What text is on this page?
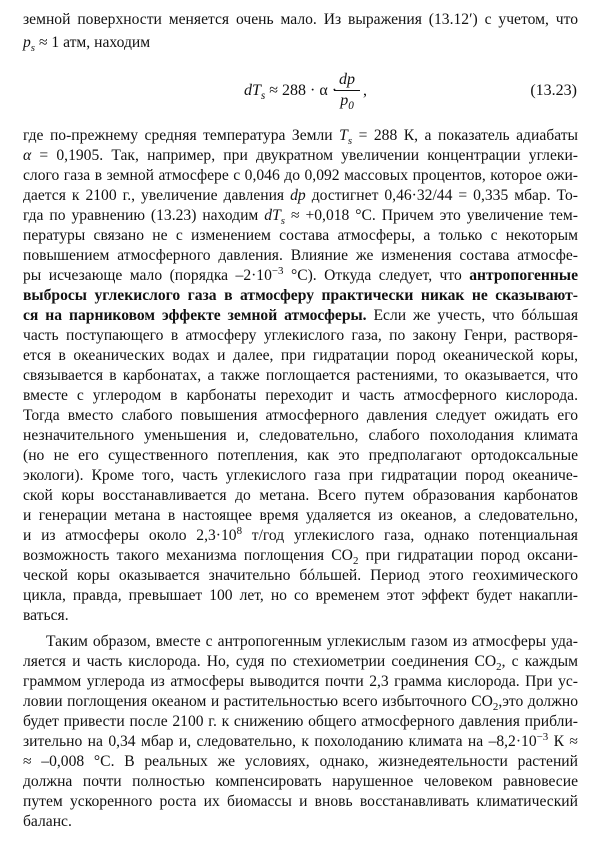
земной поверхности меняется очень мало. Из выражения (13.12′) с учетом, что
$p_s \approx 1$ атм, находим
$dT_s \approx 288 \cdot \alpha$ ·
dp
$p_0$
,	(13.23)
где по-прежнему средняя температура Земли $T_s = 288$ К, а показатель адиабаты
α = 0,1905. Так, например, при двукратном увеличении концентрации углеки-
слого газа в земной атмосфере с 0,046 до 0,092 массовых процентов, которое ожи-
дается к 2100 г., увеличение давления dp достигнет 0,46·32/44 = 0,335 мбар. То-
гда по уравнению (13.23) находим $dT_s \approx +0,018$ °С. Причем это увеличение тем-
пературы связано не с изменением состава атмосферы, а только с некоторым
повышением атмосферного давления. Влияние же изменения состава атмосфе-
ры исчезающе мало (порядка $-2\cdot 10^{-3}$ °С). Откуда следует, что антропогенные
выбросы углекислого газа в атмосферу практически никак не сказывают-
ся на парниковом эффекте земной атмосферы. Если же учесть, что бóльшая
часть поступающего в атмосферу углекислого газа, по закону Генри, растворя-
ется в океанических водах и далее, при гидратации пород океанической коры,
связывается в карбонатах, а также поглощается растениями, то оказывается, что
вместе с углеродом в карбонаты переходит и часть атмосферного кислорода.
Тогда вместо слабого повышения атмосферного давления следует ожидать его
незначительного уменьшения и, следовательно, слабого похолодания климата
(но не его существенного потепления, как это предполагают ортодоксальные
экологи). Кроме того, часть углекислого газа при гидратации пород океаниче-
ской коры восстанавливается до метана. Всего путем образования карбонатов
и генерации метана в настоящее время удаляется из океанов, а следовательно,
и из атмосферы около $2,3\cdot 10^8$ т/год углекислого газа, однако потенциальная
возможность такого механизма поглощения $СО_2$ при гидратации пород оксани-
ческой коры оказывается значительно бóльшей. Период этого геохимического
цикла, правда, превышает 100 лет, но со временем этот эффект будет накапли-
ваться.
Таким образом, вместе с антропогенным углекислым газом из атмосферы уда-
ляется и часть кислорода. Но, судя по стехиометрии соединения $СО_2$, с каждым
граммом углерода из атмосферы выводится почти 2,3 грамма кислорода. При ус-
ловии поглощения океаном и растительностью всего избыточного $СО_2,это$ должно
будет привести после 2100 г. к снижению общего атмосферного давления прибли-
зительно на 0,34 мбар и, следовательно, к похолоданию климата на $-8,2\cdot 10^{-3}$ К ≈
≈ –0,008 °С. В реальных же условиях, однако, жизнедеятельности растений
должна почти полностью компенсировать нарушенное человеком равновесие
путем ускоренного роста их биомассы и вновь восстанавливать климатический
баланс.
